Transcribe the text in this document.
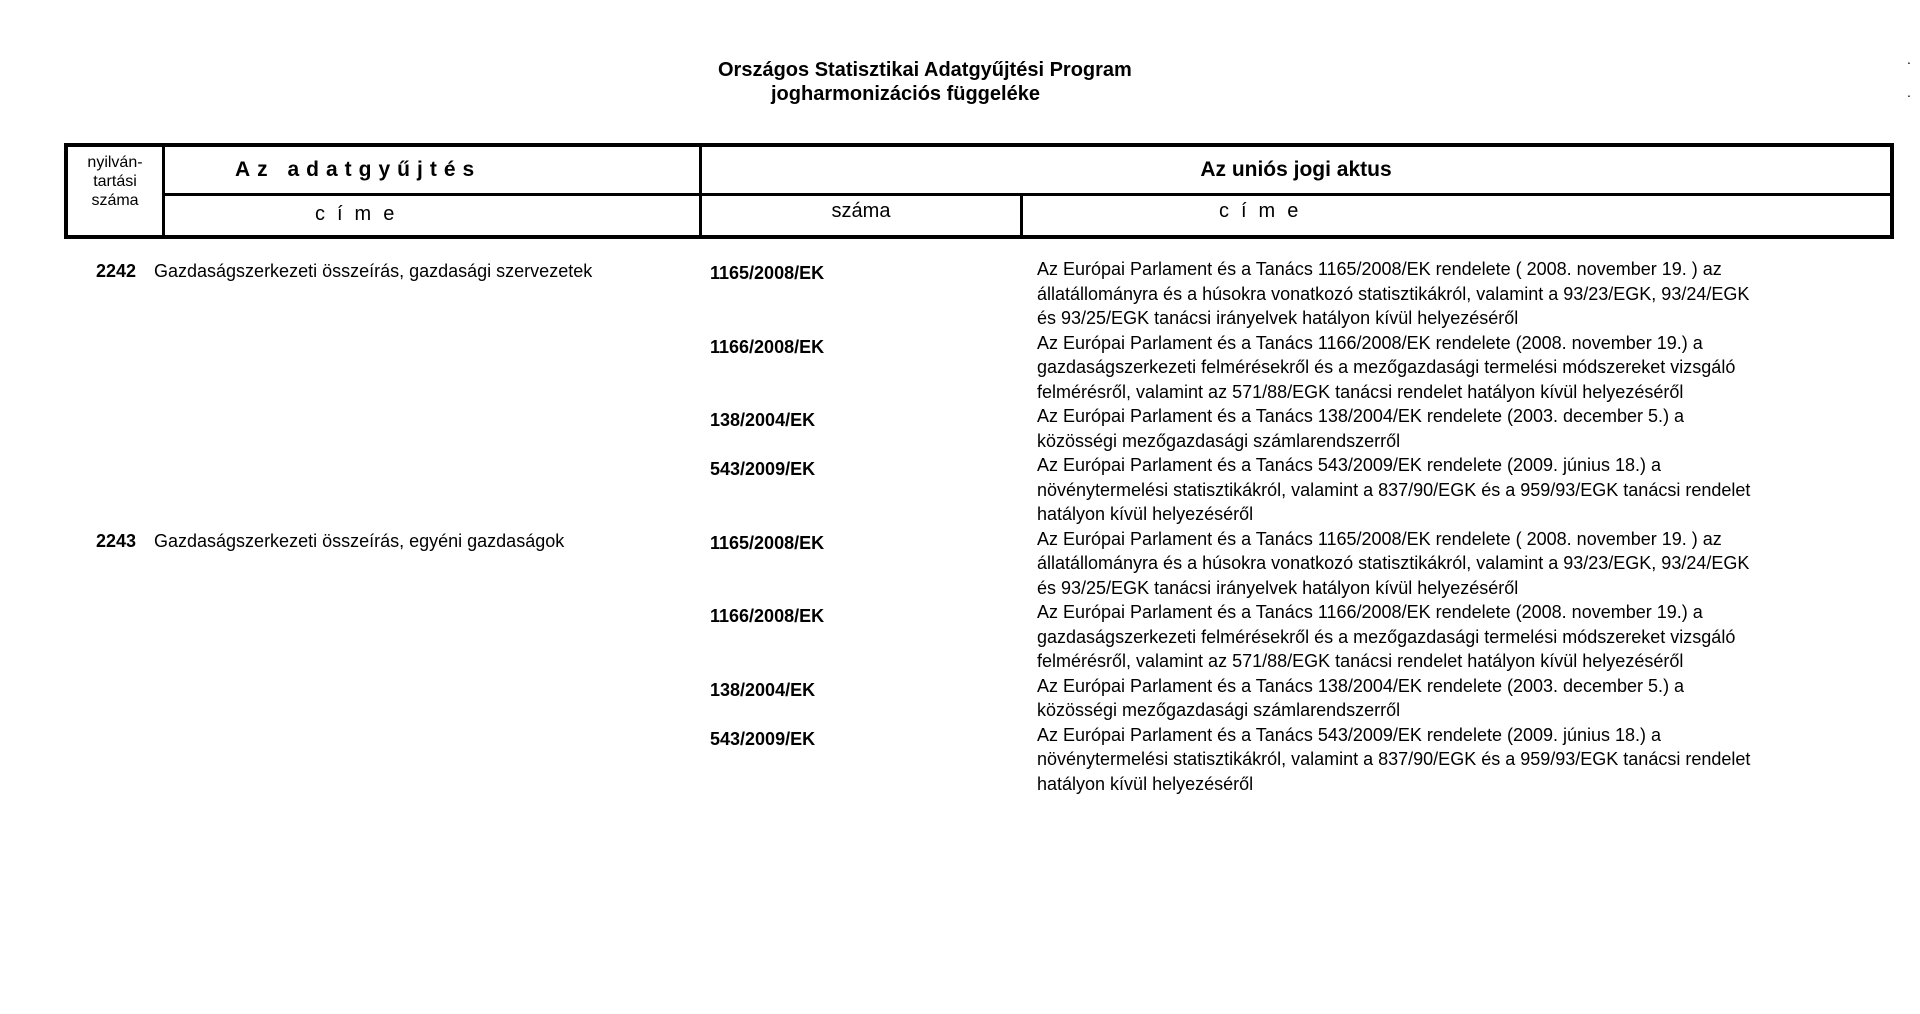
Országos Statisztikai Adatgyűjtési Program
jogharmonizációs függeléke
.
.
nyilván-
tartási
száma
Az adatgyűjtés
címe
Az uniós jogi aktus
száma	címe
2242 Gazdaságszerkezeti összeírás, gazdasági szervezetek	1165/2008/EK	Az Európai Parlament és a Tanács 1165/2008/EK rendelete ( 2008. november 19. ) az
állatállományra és a húsokra vonatkozó statisztikákról, valamint a 93/23/EGK, 93/24/EGK
és 93/25/EGK tanácsi irányelvek hatályon kívül helyezéséről
1166/2008/EK	Az Európai Parlament és a Tanács 1166/2008/EK rendelete (2008. november 19.) a
gazdaságszerkezeti felmérésekről és a mezőgazdasági termelési módszereket vizsgáló
felmérésről, valamint az 571/88/EGK tanácsi rendelet hatályon kívül helyezéséről
138/2004/EK	Az Európai Parlament és a Tanács 138/2004/EK rendelete (2003. december 5.) a
közösségi mezőgazdasági számlarendszerről
543/2009/EK	Az Európai Parlament és a Tanács 543/2009/EK rendelete (2009. június 18.) a
növénytermelési statisztikákról, valamint a 837/90/EGK és a 959/93/EGK tanácsi rendelet
hatályon kívül helyezéséről
2243 Gazdaságszerkezeti összeírás, egyéni gazdaságok	1165/2008/EK	Az Európai Parlament és a Tanács 1165/2008/EK rendelete ( 2008. november 19. ) az
állatállományra és a húsokra vonatkozó statisztikákról, valamint a 93/23/EGK, 93/24/EGK
és 93/25/EGK tanácsi irányelvek hatályon kívül helyezéséről
1166/2008/EK	Az Európai Parlament és a Tanács 1166/2008/EK rendelete (2008. november 19.) a
gazdaságszerkezeti felmérésekről és a mezőgazdasági termelési módszereket vizsgáló
felmérésről, valamint az 571/88/EGK tanácsi rendelet hatályon kívül helyezéséről
138/2004/EK	Az Európai Parlament és a Tanács 138/2004/EK rendelete (2003. december 5.) a
közösségi mezőgazdasági számlarendszerről
543/2009/EK	Az Európai Parlament és a Tanács 543/2009/EK rendelete (2009. június 18.) a
növénytermelési statisztikákról, valamint a 837/90/EGK és a 959/93/EGK tanácsi rendelet
hatályon kívül helyezéséről
